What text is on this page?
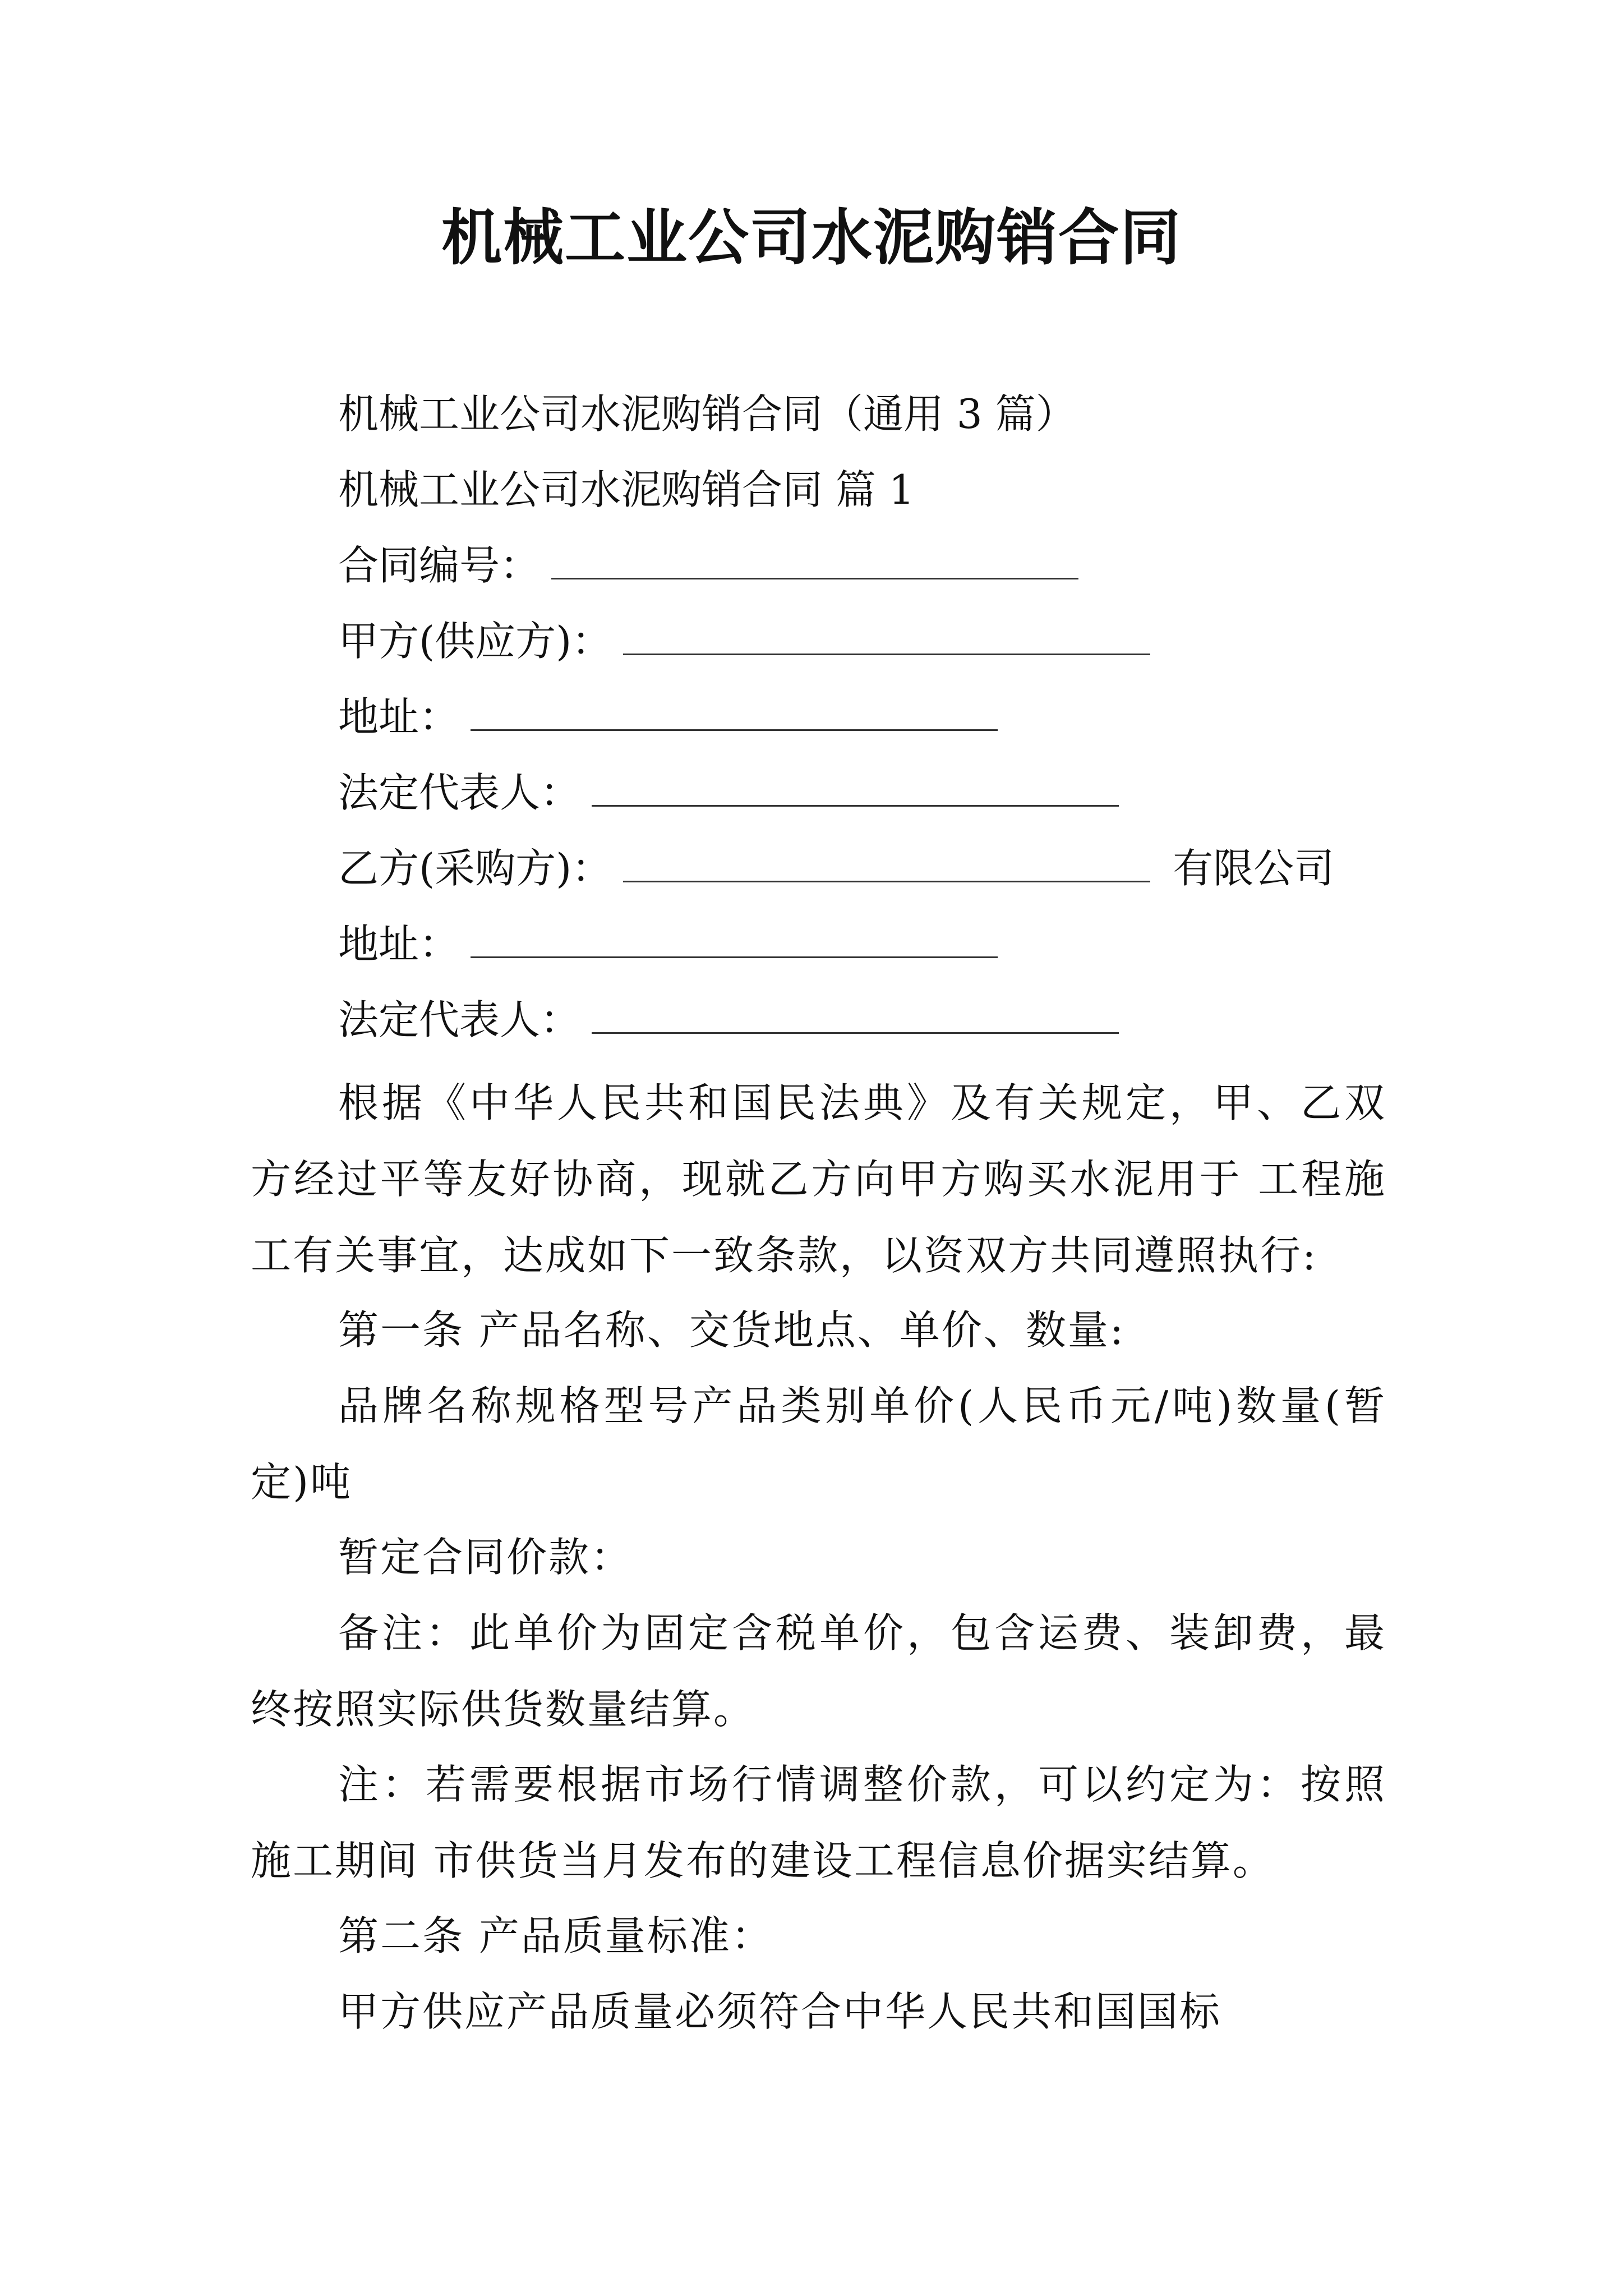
机械工业公司水泥购销合同
机械工业公司水泥购销合同（通用 3 篇）
机械工业公司水泥购销合同 篇 1
合同编号：
甲方(供应方)：
地址：
法定代表人：
乙方(采购方)：	有限公司
地址：
法定代表人：
根据《中华人民共和国民法典》及有关规定，甲、乙双方经过平等友好协商，现就乙方向甲方购买水泥用于 工程施工有关事宜，达成如下一致条款，以资双方共同遵照执行:
第一条 产品名称、交货地点、单价、数量:
品牌名称规格型号产品类别单价(人民币元/吨)数量(暂定)吨
暂定合同价款：
备注：此单价为固定含税单价，包含运费、装卸费，最终按照实际供货数量结算。
注：若需要根据市场行情调整价款，可以约定为：按照施工期间 市供货当月发布的建设工程信息价据实结算。
第二条 产品质量标准：
甲方供应产品质量必须符合中华人民共和国国标
